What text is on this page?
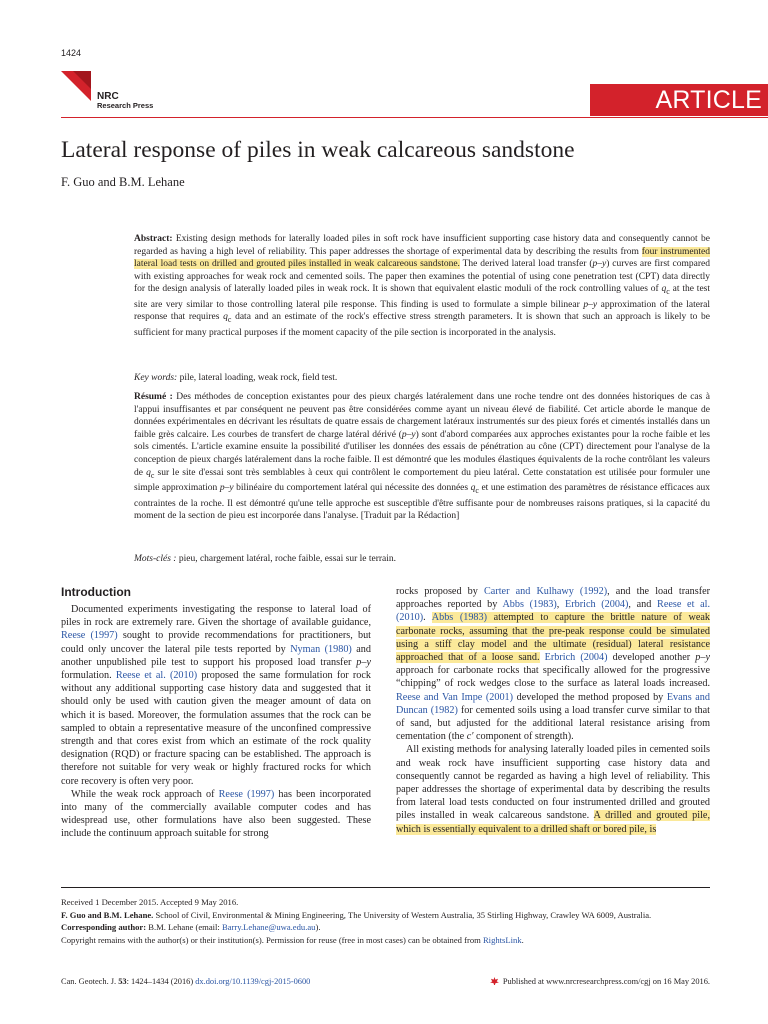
1424
NRC
Research Press	ARTICLE
Lateral response of piles in weak calcareous sandstone
F. Guo and B.M. Lehane
Abstract: Existing design methods for laterally loaded piles in soft rock have insufficient supporting case history data and consequently cannot be regarded as having a high level of reliability. This paper addresses the shortage of experimental data by describing the results from four instrumented lateral load tests on drilled and grouted piles installed in weak calcareous sandstone. The derived lateral load transfer (p–y) curves are first compared with existing approaches for weak rock and cemented soils. The paper then examines the potential of using cone penetration test (CPT) data directly for the design analysis of laterally loaded piles in weak rock. It is shown that equivalent elastic moduli of the rock controlling values of $q_c$ at the test site are very similar to those controlling lateral pile response. This finding is used to formulate a simple bilinear p–y approximation of the lateral response that requires $q_c$ data and an estimate of the rock's effective stress strength parameters. It is shown that such an approach is likely to be sufficient for many practical purposes if the moment capacity of the pile section is incorporated in the analysis.
Key words: pile, lateral loading, weak rock, field test.
Résumé : Des méthodes de conception existantes pour des pieux chargés latéralement dans une roche tendre ont des données historiques de cas à l'appui insuffisantes et par conséquent ne peuvent pas être considérées comme ayant un niveau élevé de fiabilité. Cet article aborde le manque de données expérimentales en décrivant les résultats de quatre essais de chargement latéraux instrumentés sur des pieux forés et cimentés installés dans un faible grès calcaire. Les courbes de transfert de charge latéral dérivé (p–y) sont d'abord comparées aux approches existantes pour la roche faible et les sols cimentés. L'article examine ensuite la possibilité d'utiliser les données des essais de pénétration au cône (CPT) directement pour l'analyse de la conception de pieux chargés latéralement dans la roche faible. Il est démontré que les modules élastiques équivalents de la roche contrôlant les valeurs de $q_c$ sur le site d'essai sont très semblables à ceux qui contrôlent le comportement du pieu latéral. Cette constatation est utilisée pour formuler une simple approximation p–y bilinéaire du comportement latéral qui nécessite des données $q_c$ et une estimation des paramètres de résistance efficaces aux contraintes de la roche. Il est démontré qu'une telle approche est susceptible d'être suffisante pour de nombreuses raisons pratiques, si la capacité du moment de la section de pieu est incorporée dans l'analyse. [Traduit par la Rédaction]
Mots-clés : pieu, chargement latéral, roche faible, essai sur le terrain.
Introduction

Documented experiments investigating the response to lateral load of piles in rock are extremely rare. Given the shortage of available guidance, Reese (1997) sought to provide recommendations for practitioners, but could only uncover the lateral pile tests reported by Nyman (1980) and another unpublished pile test to support his proposed load transfer p–y formulation. Reese et al. (2010) proposed the same formulation for rock without any additional supporting case history data and suggested that it should only be used with caution given the meager amount of data on which it is based. Moreover, the formulation assumes that the rock can be sampled to obtain a representative measure of the unconfined compressive strength and that cores exist from which an estimate of the rock quality designation (RQD) or fracture spacing can be established. The approach is therefore not suitable for very weak or highly fractured rocks for which core recovery is often very poor.

While the weak rock approach of Reese (1997) has been incorporated into many of the commercially available computer codes and has widespread use, other formulations have also been suggested. These include the continuum approach suitable for strong

rocks proposed by Carter and Kulhawy (1992), and the load transfer approaches reported by Abbs (1983), Erbrich (2004), and Reese et al. (2010). Abbs (1983) attempted to capture the brittle nature of weak carbonate rocks, assuming that the pre-peak response could be simulated using a stiff clay model and the ultimate (residual) lateral resistance approached that of a loose sand. Erbrich (2004) developed another p–y approach for carbonate rocks that specifically allowed for the progressive “chipping” of rock wedges close to the surface as lateral loads increased. Reese and Van Impe (2001) developed the method proposed by Evans and Duncan (1982) for cemented soils using a load transfer curve similar to that of sand, but adjusted for the additional lateral resistance arising from cementation (the c′ component of strength).

All existing methods for analysing laterally loaded piles in cemented soils and weak rock have insufficient supporting case history data and consequently cannot be regarded as having a high level of reliability. This paper addresses the shortage of experimental data by describing the results from lateral load tests conducted on four instrumented drilled and grouted piles installed in weak calcareous sandstone. A drilled and grouted pile, which is essentially equivalent to a drilled shaft or bored pile, is

Received 1 December 2015. Accepted 9 May 2016.

F. Guo and B.M. Lehane. School of Civil, Environmental & Mining Engineering, The University of Western Australia, 35 Stirling Highway, Crawley WA 6009, Australia.

Corresponding author: B.M. Lehane (email: Barry.Lehane@uwa.edu.au).

Copyright remains with the author(s) or their institution(s). Permission for reuse (free in most cases) can be obtained from RightsLink.

Can. Geotech. J. 53: 1424–1434 (2016) dx.doi.org/10.1139/cgj-2015-0600	Published at www.nrcresearchpress.com/cgj on 16 May 2016.
